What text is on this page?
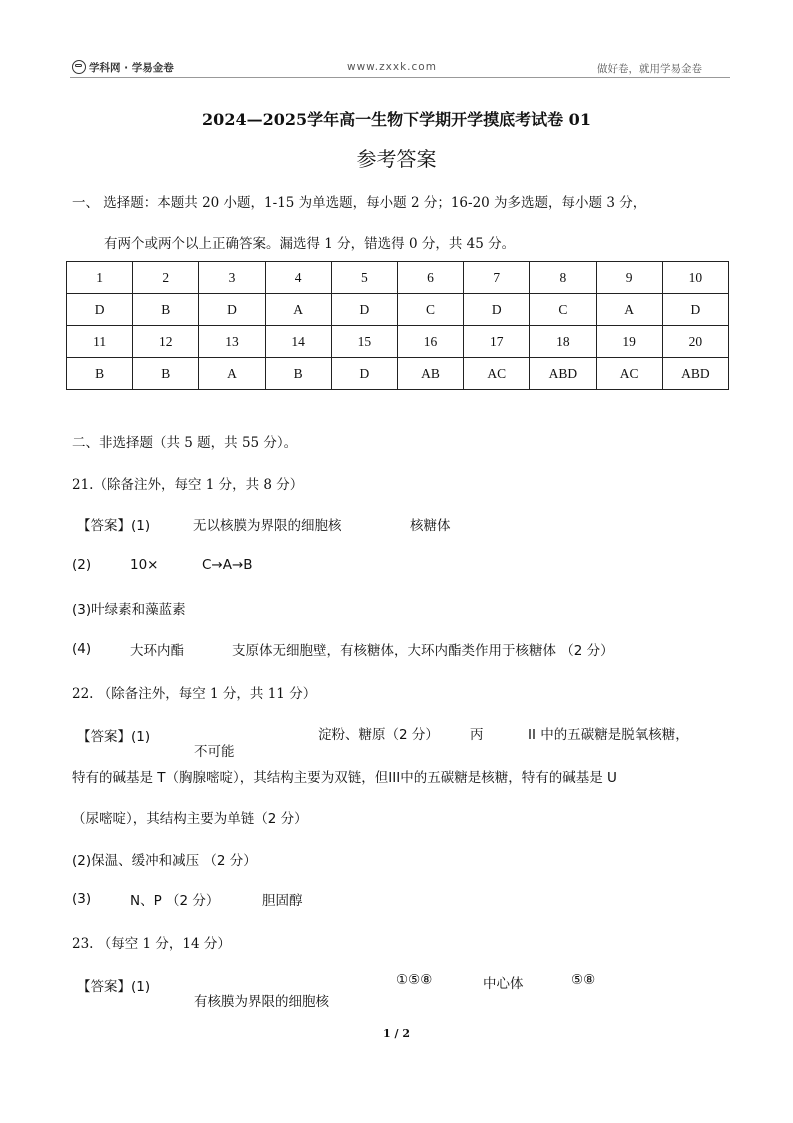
学科网 · 学易金卷	www.zxxk.com	做好卷，就用学易金卷
2024—2025学年高一生物下学期开学摸底考试卷 01
参考答案
一、 选择题：本题共 20 小题，1-15 为单选题，每小题 2 分；16-20 为多选题，每小题 3 分，
有两个或两个以上正确答案。漏选得 1 分，错选得 0 分，共 45 分。
1	2	3	4	5	6	7	8	9	10
D	B	D	A	D	C	D	C	A	D
11	12	13	14	15	16	17	18	19	20
B	B	A	B	D	AB	AC	ABD	AC	ABD
二、非选择题（共 5 题，共 55 分）。
21.（除备注外，每空 1 分，共 8 分）
【答案】(1)	无以核膜为界限的细胞核	核糖体
(2)	10×	C→A→B
(3)叶绿素和藻蓝素
(4)	大环内酯	支原体无细胞壁，有核糖体，大环内酯类作用于核糖体 （2 分）
22. （除备注外，每空 1 分，共 11 分）
【答案】(1)
不可能
淀粉、糖原（2 分） 丙	II 中的五碳糖是脱氧核糖，
特有的碱基是 T（胸腺嘧啶），其结构主要为双链，但III中的五碳糖是核糖，特有的碱基是 U
（尿嘧啶），其结构主要为单链（2 分）
(2)保温、缓冲和减压 （2 分）
(3)	N、P （2 分）	胆固醇
23. （每空 1 分，14 分）
【答案】(1)
有核膜为界限的细胞核
①⑤⑧	中心体	⑤⑧
1 / 2
